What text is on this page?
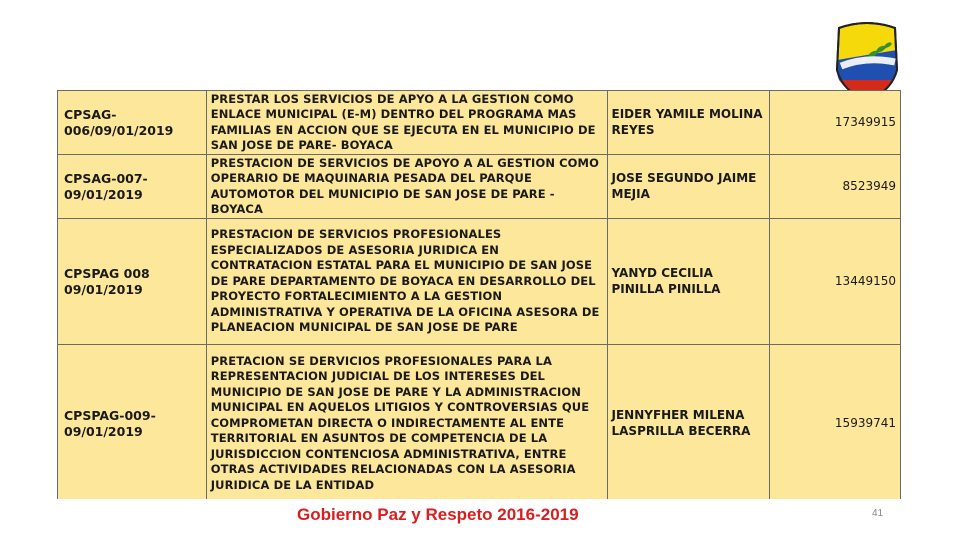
CPSAG-006/09/01/2019	PRESTAR LOS SERVICIOS DE APYO A LA GESTION COMO ENLACE MUNICIPAL (E-M) DENTRO DEL PROGRAMA MAS FAMILIAS EN ACCION QUE SE EJECUTA EN EL MUNICIPIO DE SAN JOSE DE PARE- BOYACA	EIDER YAMILE MOLINA REYES	17349915
CPSAG-007-09/01/2019	PRESTACION DE SERVICIOS DE APOYO A AL GESTION COMO OPERARIO DE MAQUINARIA PESADA DEL PARQUE AUTOMOTOR DEL MUNICIPIO DE SAN JOSE DE PARE - BOYACA	JOSE SEGUNDO JAIME MEJIA	8523949
CPSPAG 008 09/01/2019	PRESTACION DE SERVICIOS PROFESIONALES ESPECIALIZADOS DE ASESORIA JURIDICA EN CONTRATACION ESTATAL PARA EL MUNICIPIO DE SAN JOSE DE PARE DEPARTAMENTO DE BOYACA EN DESARROLLO DEL PROYECTO FORTALECIMIENTO A LA GESTION ADMINISTRATIVA Y OPERATIVA DE LA OFICINA ASESORA DE PLANEACION MUNICIPAL DE SAN JOSE DE PARE	YANYD CECILIA PINILLA PINILLA	13449150
CPSPAG-009-09/01/2019	PRETACION SE DERVICIOS PROFESIONALES PARA LA REPRESENTACION JUDICIAL DE LOS INTERESES DEL MUNICIPIO DE SAN JOSE DE PARE Y LA ADMINISTRACION MUNICIPAL EN AQUELOS LITIGIOS Y CONTROVERSIAS QUE COMPROMETAN DIRECTA O INDIRECTAMENTE AL ENTE TERRITORIAL EN ASUNTOS DE COMPETENCIA DE LA JURISDICCION CONTENCIOSA ADMINISTRATIVA, ENTRE OTRAS ACTIVIDADES RELACIONADAS CON LA ASESORIA JURIDICA DE LA ENTIDAD	JENNYFHER MILENA LASPRILLA BECERRA	15939741
Gobierno Paz y Respeto 2016-2019	41
